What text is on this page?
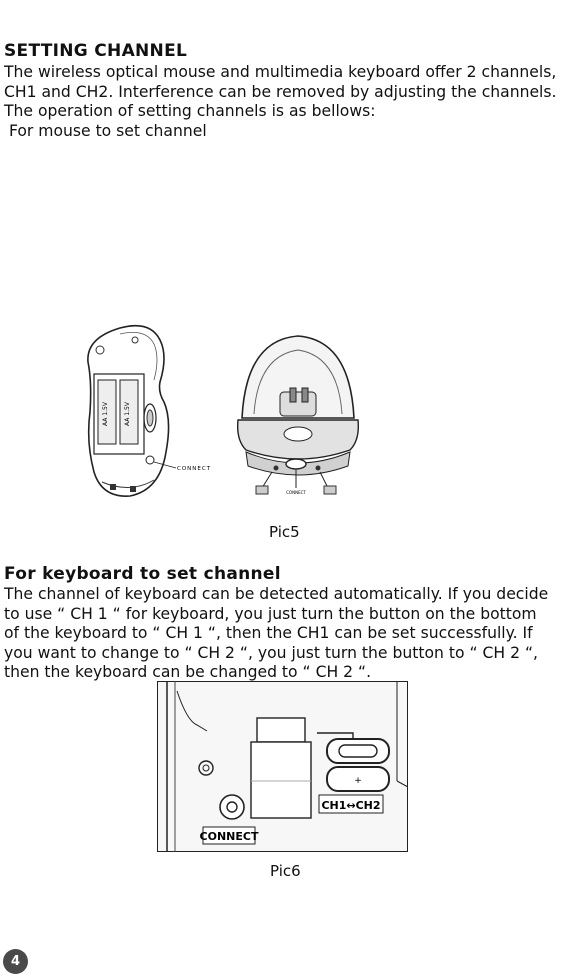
SETTING CHANNEL
The wireless optical mouse and multimedia keyboard offer 2 channels,
CH1 and CH2. Interference can be removed by adjusting the channels.
The operation of setting channels is as bellows:
For mouse to set channel
AA 1.5V	AA 1.5V
CONNECT
CONNECT
Pic5
For keyboard to set channel
The channel of keyboard can be detected automatically. If you decide
to use “ CH 1 “ for keyboard, you just turn the button on the bottom
of the keyboard to “ CH 1 “, then the CH1 can be set successfully. If
you want to change to “ CH 2 “, you just turn the button to “ CH 2 “,
then the keyboard can be changed to “ CH 2 “.
CONNECT
+
CH1↔CH2
Pic6
4
